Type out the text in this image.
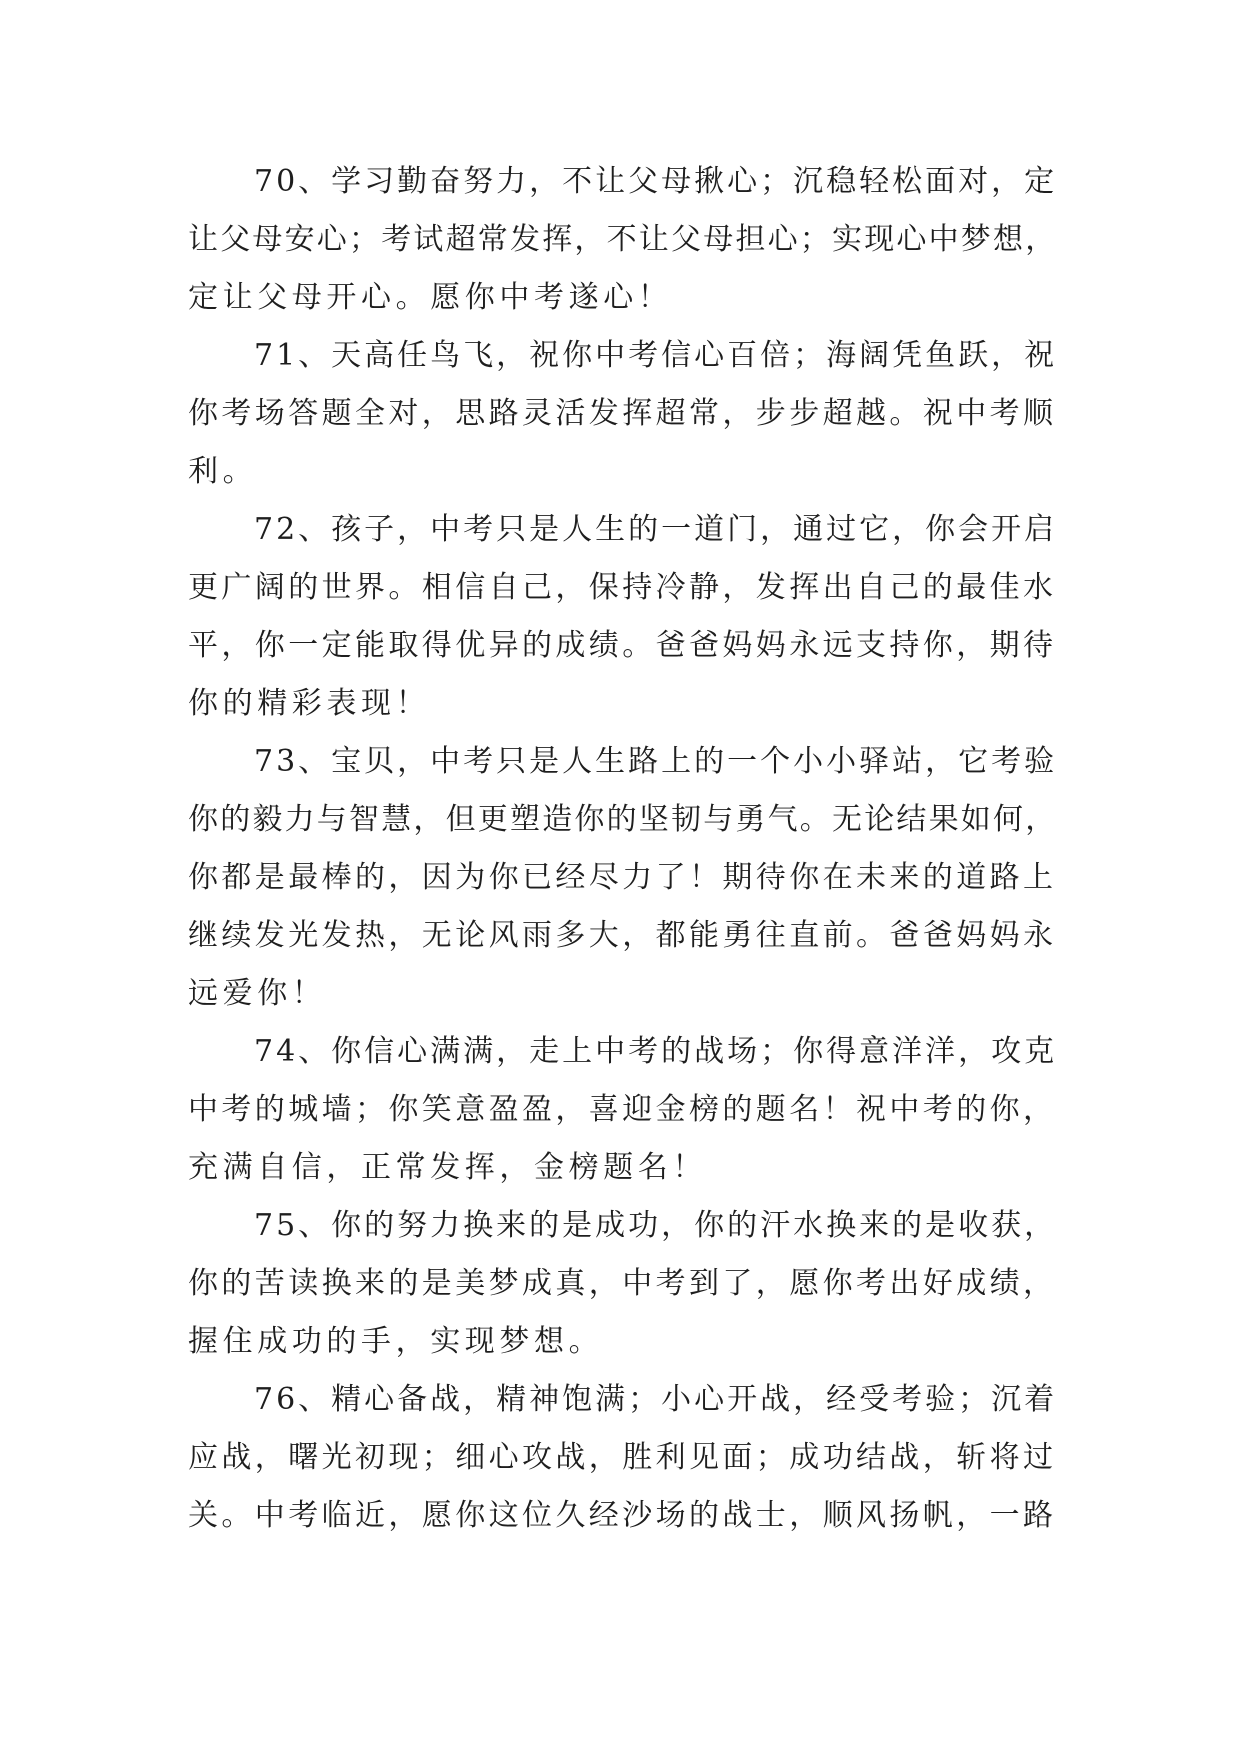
70、学习勤奋努力，不让父母揪心；沉稳轻松面对，定
让父母安心；考试超常发挥，不让父母担心；实现心中梦想，
定让父母开心。愿你中考遂心！

71、天高任鸟飞，祝你中考信心百倍；海阔凭鱼跃，祝
你考场答题全对，思路灵活发挥超常，步步超越。祝中考顺
利。

72、孩子，中考只是人生的一道门，通过它，你会开启
更广阔的世界。相信自己，保持冷静，发挥出自己的最佳水
平，你一定能取得优异的成绩。爸爸妈妈永远支持你，期待
你的精彩表现！

73、宝贝，中考只是人生路上的一个小小驿站，它考验
你的毅力与智慧，但更塑造你的坚韧与勇气。无论结果如何，
你都是最棒的，因为你已经尽力了！期待你在未来的道路上
继续发光发热，无论风雨多大，都能勇往直前。爸爸妈妈永
远爱你！

74、你信心满满，走上中考的战场；你得意洋洋，攻克
中考的城墙；你笑意盈盈，喜迎金榜的题名！祝中考的你，
充满自信，正常发挥，金榜题名！

75、你的努力换来的是成功，你的汗水换来的是收获，
你的苦读换来的是美梦成真，中考到了，愿你考出好成绩，
握住成功的手，实现梦想。

76、精心备战，精神饱满；小心开战，经受考验；沉着
应战，曙光初现；细心攻战，胜利见面；成功结战，斩将过
关。中考临近，愿你这位久经沙场的战士，顺风扬帆，一路
